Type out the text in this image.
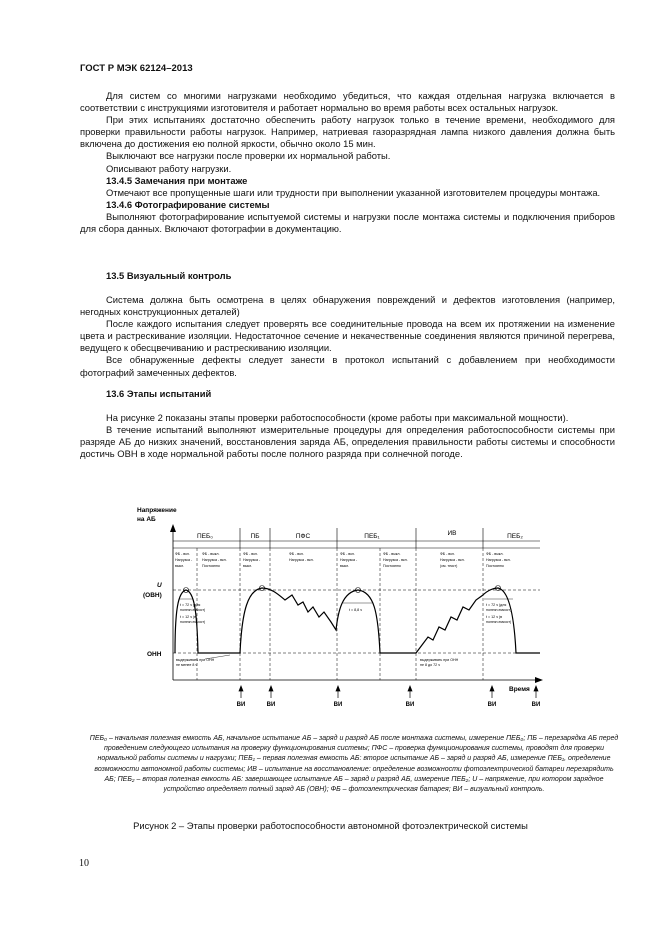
ГОСТ Р МЭК 62124–2013

Для систем со многими нагрузками необходимо убедиться, что каждая отдельная нагрузка включается в соответствии с инструкциями изготовителя и работает нормально во время работы всех остальных нагрузок.

При этих испытаниях достаточно обеспечить работу нагрузок только в течение времени, необходимого для проверки правильности работы нагрузок. Например, натриевая газоразрядная лампа низкого давления должна быть включена до достижения ею полной яркости, обычно около 15 мин.

Выключают все нагрузки после проверки их нормальной работы.

Описывают работу нагрузки.

13.4.5 Замечания при монтаже

Отмечают все пропущенные шаги или трудности при выполнении указанной изготовителем процедуры монтажа.

13.4.6 Фотографирование системы

Выполняют фотографирование испытуемой системы и нагрузки после монтажа системы и подключения приборов для сбора данных. Включают фотографии в документацию.

13.5 Визуальный контроль

Система должна быть осмотрена в целях обнаружения повреждений и дефектов изготовления (например, негодных конструкционных деталей)

После каждого испытания следует проверять все соединительные провода на всем их протяжении на изменение цвета и растрескивание изоляции. Недостаточное сечение и некачественные соединения являются причиной перегрева, ведущего к обесцвечиванию и растрескиванию изоляции.

Все обнаруженные дефекты следует занести в протокол испытаний с добавлением при необходимости фотографий замеченных дефектов.

13.6 Этапы испытаний

На рисунке 2 показаны этапы проверки работоспособности (кроме работы при максимальной мощности).

В течение испытаний выполняют измерительные процедуры для определения работоспособности системы при разряде АБ до низких значений, восстановления заряда АБ, определения правильности работы системы и способности достичь ОВН в ходе нормальной работы после полного разряда при солнечной погоде.

Напряжение
на АБ
ПЕБ₀	ПБ	ПФС	ПЕБ₁	ИВ	ПЕБ₂
ФБ - вкл.
Нагрузка -
выкл.
ФБ - выкл.
Нагрузка - вкл.
Постоянно
ФБ - вкл.
Нагрузка -
выкл.
ФБ - вкл.
Нагрузка - вкл.
ФБ - вкл.
Нагрузка -
выкл.
ФБ - выкл.
Нагрузка - вкл.
Постоянно
ФБ - вкл.
Нагрузка - вкл.
(см. текст)
ФБ - выкл.
Нагрузка - вкл.
Постоянно
U
(ОВН)
ОНН
t = 72 ч (для
полезн.емкост)
t = 12 ч (в
полезн.емкост)
t = 8,8 ч
t = 72 ч (для
полезн.емкост)
t = 12 ч (в
полезн.емкост)
выдерживать при ОНН
не менее 8 ч
выдерживать при ОНН
не 8 до 72 ч
Время
ВИ	ВИ	ВИ	ВИ	ВИ	ВИ
ПЕБ₀ – начальная полезная емкость АБ, начальное испытание АБ – заряд и разряд АБ после монтажа системы, измерение ПЕБ₀; ПБ – перезарядка АБ перед проведением следующего испытания на проверку функционирования системы; ПФС – проверка функционирования системы, проводят для проверки нормальной работы системы и нагрузки; ПЕБ₁ – первая полезная емкость АБ: второе испытание АБ – заряд и разряд АБ, измерение ПЕБ₁, определение возможности автономной работы системы; ИВ – испытание на восстановление: определение возможности фотоэлектрической батареи перезарядить АБ; ПЕБ₂ – вторая полезная емкость АБ: завершающее испытание АБ – заряд и разряд АБ, измерение ПЕБ₂; U – напряжение, при котором зарядное устройство определяет полный заряд АБ (ОВН); ФБ – фотоэлектрическая батарея; ВИ – визуальный контроль.
Рисунок 2 – Этапы проверки работоспособности автономной фотоэлектрической системы
10
